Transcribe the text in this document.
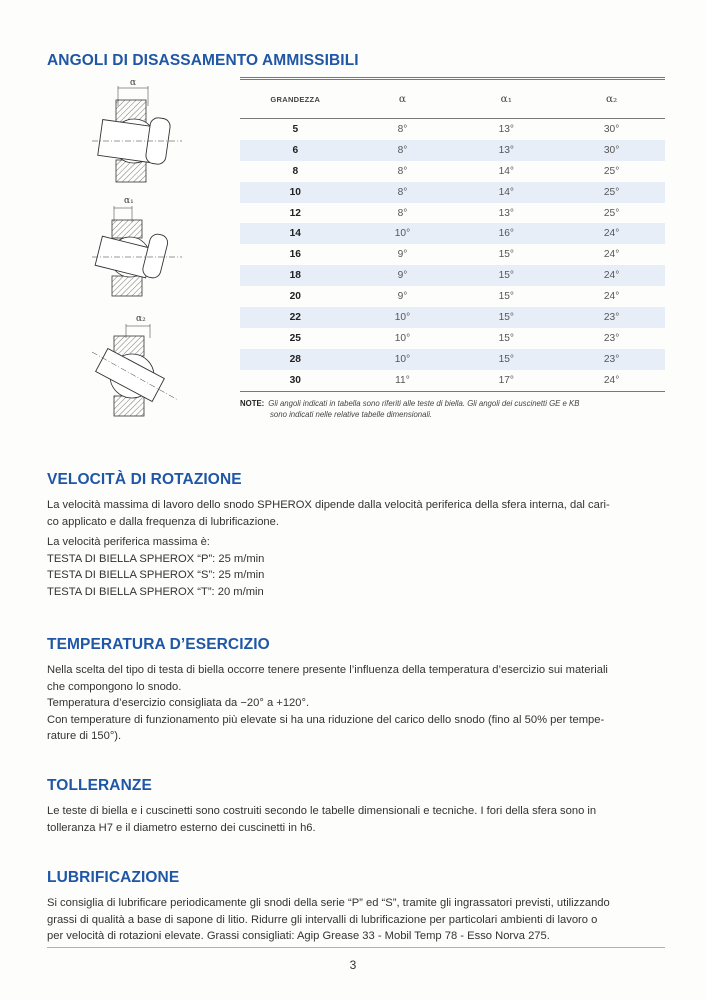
ANGOLI DI DISASSAMENTO AMMISSIBILI
α
α₁
α₂
GRANDEZZA	α	α₁	α₂
5	8°	13°	30°
6	8°	13°	30°
8	8°	14°	25°
10	8°	14°	25°
12	8°	13°	25°
14	10°	16°	24°
16	9°	15°	24°
18	9°	15°	24°
20	9°	15°	24°
22	10°	15°	23°
25	10°	15°	23°
28	10°	15°	23°
30	11°	17°	24°
NOTE: Gli angoli indicati in tabella sono riferiti alle teste di biella. Gli angoli dei cuscinetti GE e KB
sono indicati nelle relative tabelle dimensionali.
VELOCITÀ DI ROTAZIONE

La velocità massima di lavoro dello snodo SPHEROX dipende dalla velocità periferica della sfera interna, dal cari-
co applicato e dalla frequenza di lubrificazione.

La velocità periferica massima è:
TESTA DI BIELLA SPHEROX “P”: 25 m/min
TESTA DI BIELLA SPHEROX “S”: 25 m/min
TESTA DI BIELLA SPHEROX “T”: 20 m/min
TEMPERATURA D’ESERCIZIO
Nella scelta del tipo di testa di biella occorre tenere presente l’influenza della temperatura d’esercizio sui materiali
che compongono lo snodo.
Temperatura d’esercizio consigliata da −20° a +120°.
Con temperature di funzionamento più elevate si ha una riduzione del carico dello snodo (fino al 50% per tempe-
rature di 150°).
TOLLERANZE
Le teste di biella e i cuscinetti sono costruiti secondo le tabelle dimensionali e tecniche. I fori della sfera sono in
tolleranza H7 e il diametro esterno dei cuscinetti in h6.
LUBRIFICAZIONE
Si consiglia di lubrificare periodicamente gli snodi della serie “P” ed “S”, tramite gli ingrassatori previsti, utilizzando
grassi di qualità a base di sapone di litio. Ridurre gli intervalli di lubrificazione per particolari ambienti di lavoro o
per velocità di rotazioni elevate. Grassi consigliati: Agip Grease 33 - Mobil Temp 78 - Esso Norva 275.
3
